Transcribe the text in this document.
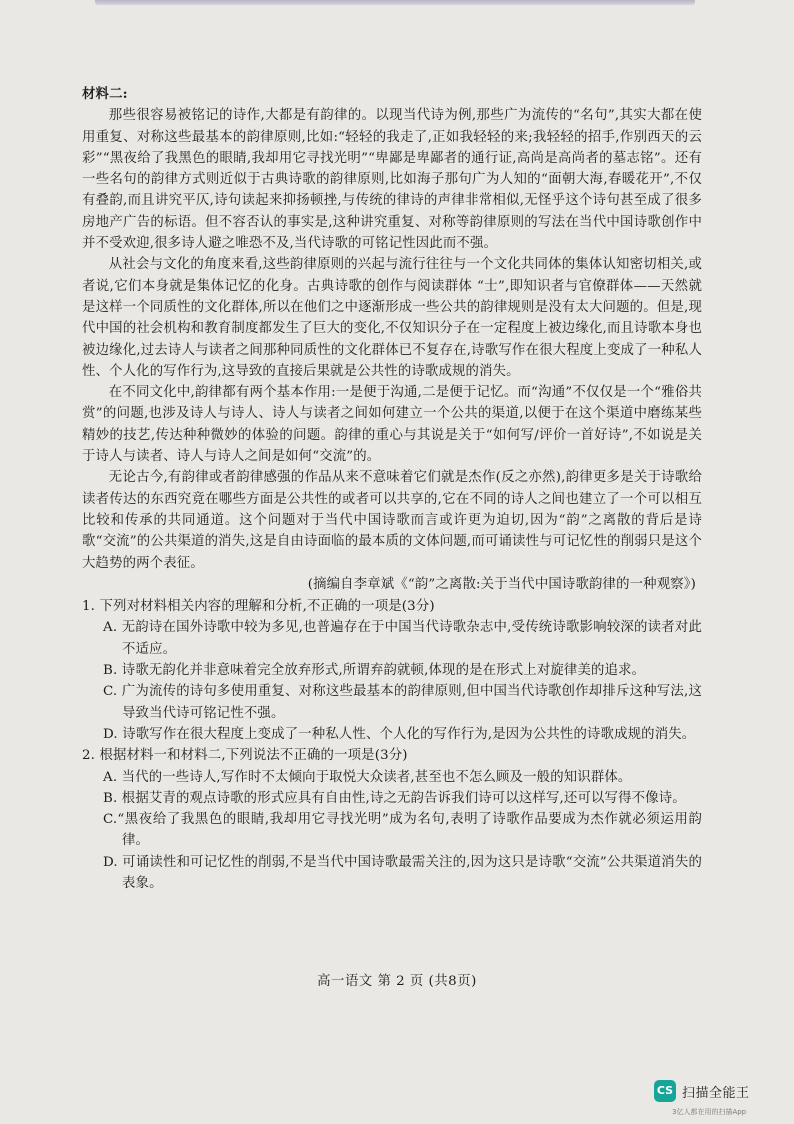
材料二:

那些很容易被铭记的诗作,大都是有韵律的。以现当代诗为例,那些广为流传的“名句”,其实大都在使用重复、对称这些最基本的韵律原则,比如:“轻轻的我走了,正如我轻轻的来;我轻轻的招手,作别西天的云彩”“黑夜给了我黑色的眼睛,我却用它寻找光明”“卑鄙是卑鄙者的通行证,高尚是高尚者的墓志铭”。还有一些名句的韵律方式则近似于古典诗歌的韵律原则,比如海子那句广为人知的“面朝大海,春暖花开”,不仅有叠韵,而且讲究平仄,诗句读起来抑扬顿挫,与传统的律诗的声律非常相似,无怪乎这个诗句甚至成了很多房地产广告的标语。但不容否认的事实是,这种讲究重复、对称等韵律原则的写法在当代中国诗歌创作中并不受欢迎,很多诗人避之唯恐不及,当代诗歌的可铭记性因此而不强。

从社会与文化的角度来看,这些韵律原则的兴起与流行往往与一个文化共同体的集体认知密切相关,或者说,它们本身就是集体记忆的化身。古典诗歌的创作与阅读群体 “士”,即知识者与官僚群体——天然就是这样一个同质性的文化群体,所以在他们之中逐渐形成一些公共的韵律规则是没有太大问题的。但是,现代中国的社会机构和教育制度都发生了巨大的变化,不仅知识分子在一定程度上被边缘化,而且诗歌本身也被边缘化,过去诗人与读者之间那种同质性的文化群体已不复存在,诗歌写作在很大程度上变成了一种私人性、个人化的写作行为,这导致的直接后果就是公共性的诗歌成规的消失。

在不同文化中,韵律都有两个基本作用:一是便于沟通,二是便于记忆。而“沟通”不仅仅是一个“雅俗共赏”的问题,也涉及诗人与诗人、诗人与读者之间如何建立一个公共的渠道,以便于在这个渠道中磨练某些精妙的技艺,传达种种微妙的体验的问题。韵律的重心与其说是关于“如何写/评价一首好诗”,不如说是关于诗人与读者、诗人与诗人之间是如何“交流”的。

无论古今,有韵律或者韵律感强的作品从来不意味着它们就是杰作(反之亦然),韵律更多是关于诗歌给读者传达的东西究竟在哪些方面是公共性的或者可以共享的,它在不同的诗人之间也建立了一个可以相互比较和传承的共同通道。这个问题对于当代中国诗歌而言或许更为迫切,因为“韵”之离散的背后是诗歌“交流”的公共渠道的消失,这是自由诗面临的最本质的文体问题,而可诵读性与可记忆性的削弱只是这个大趋势的两个表征。

(摘编自李章斌《“韵”之离散:关于当代中国诗歌韵律的一种观察》)

1. 下列对材料相关内容的理解和分析,不正确的一项是(3分)

A. 无韵诗在国外诗歌中较为多见,也普遍存在于中国当代诗歌杂志中,受传统诗歌影响较深的读者对此不适应。

B. 诗歌无韵化并非意味着完全放弃形式,所谓弃韵就顿,体现的是在形式上对旋律美的追求。

C. 广为流传的诗句多使用重复、对称这些最基本的韵律原则,但中国当代诗歌创作却排斥这种写法,这导致当代诗可铭记性不强。

D. 诗歌写作在很大程度上变成了一种私人性、个人化的写作行为,是因为公共性的诗歌成规的消失。

2. 根据材料一和材料二,下列说法不正确的一项是(3分)

A. 当代的一些诗人,写作时不太倾向于取悦大众读者,甚至也不怎么顾及一般的知识群体。

B. 根据艾青的观点诗歌的形式应具有自由性,诗之无韵告诉我们诗可以这样写,还可以写得不像诗。

C.“黑夜给了我黑色的眼睛,我却用它寻找光明”成为名句,表明了诗歌作品要成为杰作就必须运用韵律。

D. 可诵读性和可记忆性的削弱,不是当代中国诗歌最需关注的,因为这只是诗歌“交流”公共渠道消失的表象。

高一语文 第 2 页 (共8页)
CS 扫描全能王
3亿人都在用的扫描App
